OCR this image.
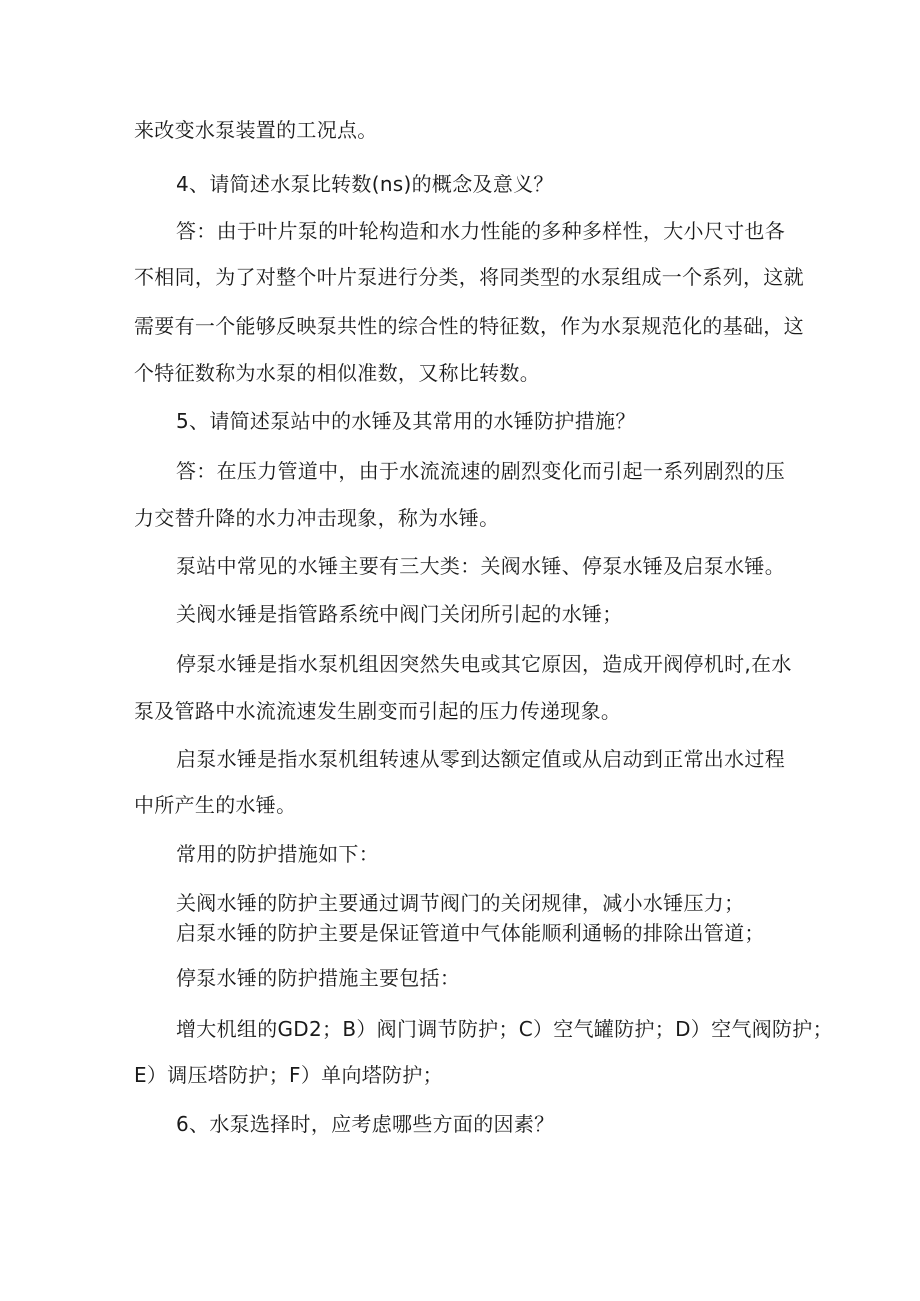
来改变水泵装置的工况点。
4、请简述水泵比转数(ns)的概念及意义？
答：由于叶片泵的叶轮构造和水力性能的多种多样性，大小尺寸也各
不相同，为了对整个叶片泵进行分类，将同类型的水泵组成一个系列，这就
需要有一个能够反映泵共性的综合性的特征数，作为水泵规范化的基础，这
个特征数称为水泵的相似准数，又称比转数。
5、请简述泵站中的水锤及其常用的水锤防护措施？
答：在压力管道中，由于水流流速的剧烈变化而引起一系列剧烈的压
力交替升降的水力冲击现象，称为水锤。
泵站中常见的水锤主要有三大类：关阀水锤、停泵水锤及启泵水锤。
关阀水锤是指管路系统中阀门关闭所引起的水锤；
停泵水锤是指水泵机组因突然失电或其它原因，造成开阀停机时,在水
泵及管路中水流流速发生剧变而引起的压力传递现象。
启泵水锤是指水泵机组转速从零到达额定值或从启动到正常出水过程
中所产生的水锤。
常用的防护措施如下：
关阀水锤的防护主要通过调节阀门的关闭规律，减小水锤压力；
启泵水锤的防护主要是保证管道中气体能顺利通畅的排除出管道；
停泵水锤的防护措施主要包括：
增大机组的GD2；B）阀门调节防护；C）空气罐防护；D）空气阀防护；
E）调压塔防护；F）单向塔防护；
6、水泵选择时，应考虑哪些方面的因素？
